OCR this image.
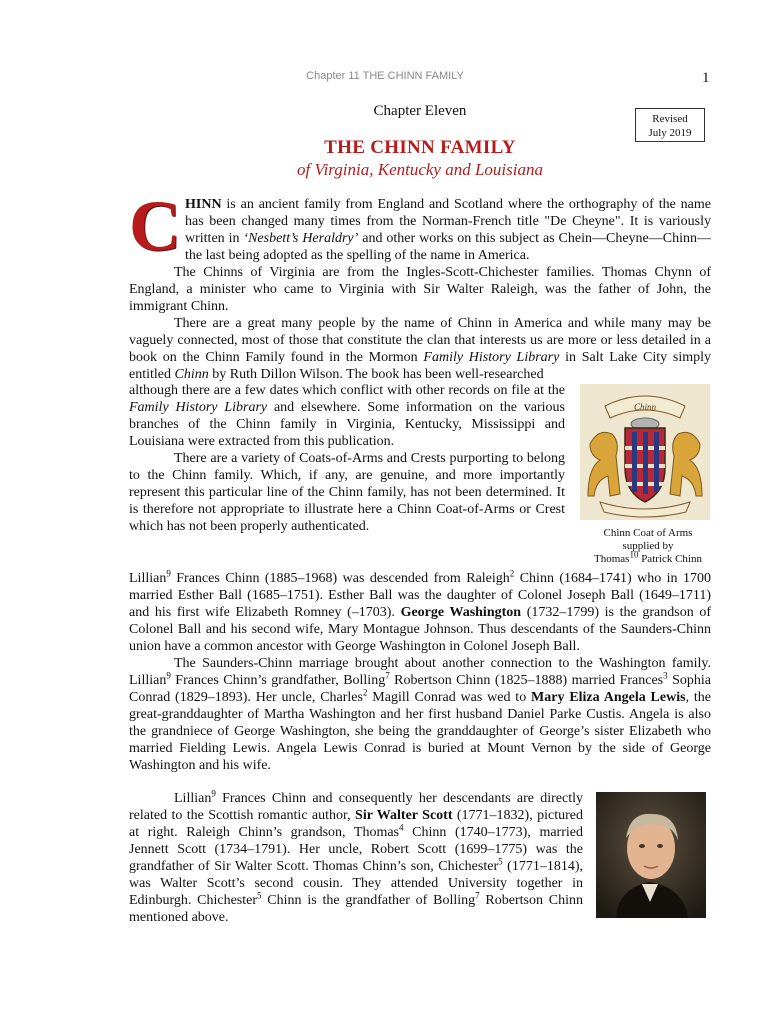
Chapter 11 THE CHINN FAMILY	1
Chapter Eleven	Revised
July 2019
THE CHINN FAMILY
of Virginia, Kentucky and Louisiana

CHINN is an ancient family from England and Scotland where the orthography of the name has been changed many times from the Norman-French title "De Cheyne". It is variously written in ‘Nesbett’s Heraldry’ and other works on this subject as Chein—Cheyne—Chinn—the last being adopted as the spelling of the name in America.

The Chinns of Virginia are from the Ingles-Scott-Chichester families. Thomas Chynn of England, a minister who came to Virginia with Sir Walter Raleigh, was the father of John, the immigrant Chinn.

There are a great many people by the name of Chinn in America and while many may be vaguely connected, most of those that constitute the clan that interests us are more or less detailed in a book on the Chinn Family found in the Mormon Family History Library in Salt Lake City simply entitled Chinn by Ruth Dillon Wilson. The book has been well-researched

although there are a few dates which conflict with other records on file at the Family History Library and elsewhere. Some information on the various branches of the Chinn family in Virginia, Kentucky, Mississippi and Louisiana were extracted from this publication.

There are a variety of Coats-of-Arms and Crests purporting to belong to the Chinn family. Which, if any, are genuine, and more importantly represent this particular line of the Chinn family, has not been determined. It is therefore not appropriate to illustrate here a Chinn Coat-of-Arms or Crest which has not been properly authenticated.

Chinn
Chinn Coat of Arms
supplied by
Thomas$^{10}$ Patrick Chinn

Lillian$^9$ Frances Chinn (1885–1968) was descended from Raleigh$^2$ Chinn (1684–1741) who in 1700 married Esther Ball (1685–1751). Esther Ball was the daughter of Colonel Joseph Ball (1649–1711) and his first wife Elizabeth Romney (–1703). George Washington (1732–1799) is the grandson of Colonel Ball and his second wife, Mary Montague Johnson. Thus descendants of the Saunders-Chinn union have a common ancestor with George Washington in Colonel Joseph Ball.

The Saunders-Chinn marriage brought about another connection to the Washington family. Lillian$^9$ Frances Chinn’s grandfather, Bolling$^7$ Robertson Chinn (1825–1888) married Frances$^3$ Sophia Conrad (1829–1893). Her uncle, Charles$^2$ Magill Conrad was wed to Mary Eliza Angela Lewis, the great-granddaughter of Martha Washington and her first husband Daniel Parke Custis. Angela is also the grandniece of George Washington, she being the granddaughter of George’s sister Elizabeth who married Fielding Lewis. Angela Lewis Conrad is buried at Mount Vernon by the side of George Washington and his wife.

Lillian$^9$ Frances Chinn and consequently her descendants are directly related to the Scottish romantic author, Sir Walter Scott (1771–1832), pictured at right. Raleigh Chinn’s grandson, Thomas$^4$ Chinn (1740–1773), married Jennett Scott (1734–1791). Her uncle, Robert Scott (1699–1775) was the grandfather of Sir Walter Scott. Thomas Chinn’s son, Chichester$^5$ (1771–1814), was Walter Scott’s second cousin. They attended University together in Edinburgh. Chichester$^5$ Chinn is the grandfather of Bolling$^7$ Robertson Chinn mentioned above.
